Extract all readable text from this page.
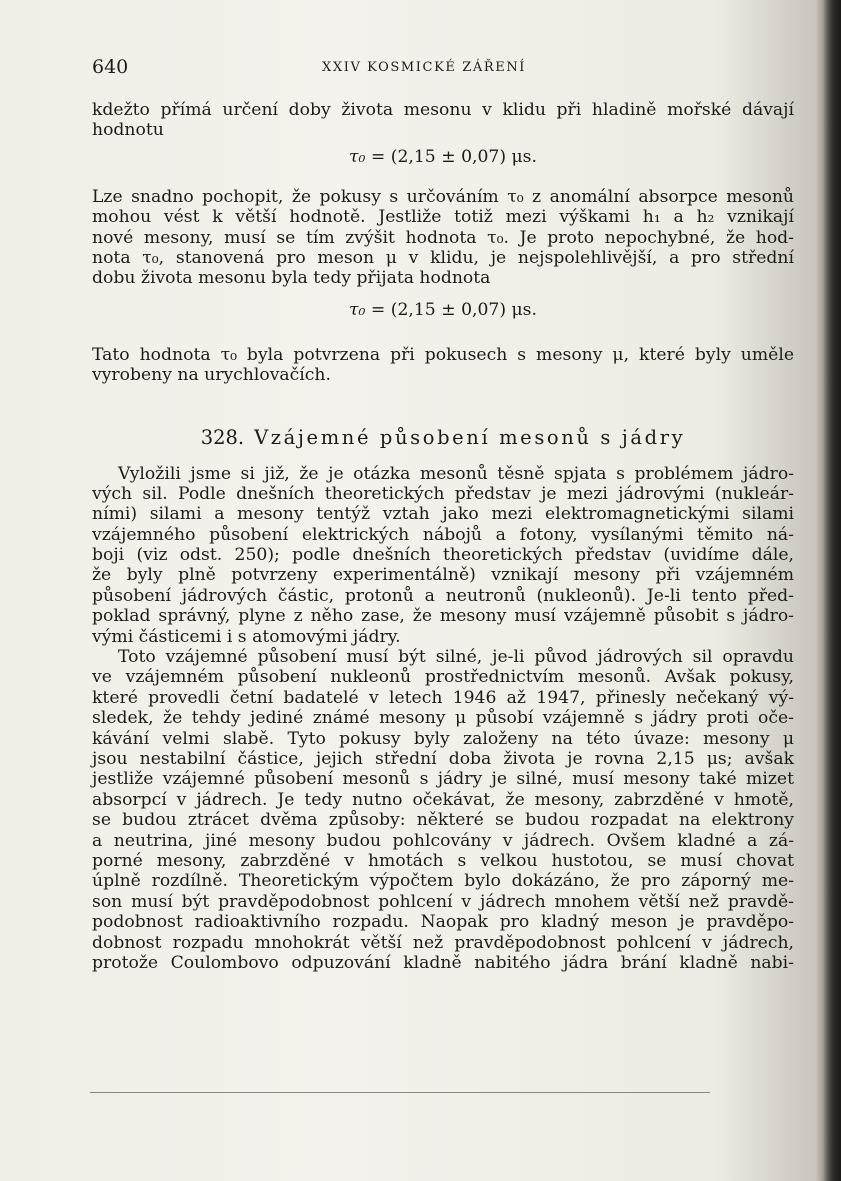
640	XXIV KOSMICKÉ ZÁŘENÍ
kdežto přímá určení doby života mesonu v klidu při hladině mořské dávají
hodnotu
τ₀ = (2,15 ± 0,07) μs.
Lze snadno pochopit, že pokusy s určováním τ₀ z anomální absorpce mesonů
mohou vést k větší hodnotě. Jestliže totiž mezi výškami h₁ a h₂ vznikají
nové mesony, musí se tím zvýšit hodnota τ₀. Je proto nepochybné, že hod-
nota τ₀, stanovená pro meson μ v klidu, je nejspolehlivější, a pro střední
dobu života mesonu byla tedy přijata hodnota
τ₀ = (2,15 ± 0,07) μs.
Tato hodnota τ₀ byla potvrzena při pokusech s mesony μ, které byly uměle
vyrobeny na urychlovačích.
328. Vzájemné působení mesonů s jádry
Vyložili jsme si již, že je otázka mesonů těsně spjata s problémem jádro-
vých sil. Podle dnešních theoretických představ je mezi jádrovými (nukleár-
ními) silami a mesony tentýž vztah jako mezi elektromagnetickými silami
vzájemného působení elektrických nábojů a fotony, vysílanými těmito ná-
boji (viz odst. 250); podle dnešních theoretických představ (uvidíme dále,
že byly plně potvrzeny experimentálně) vznikají mesony při vzájemném
působení jádrových částic, protonů a neutronů (nukleonů). Je-li tento před-
poklad správný, plyne z něho zase, že mesony musí vzájemně působit s jádro-
vými částicemi i s atomovými jádry.
Toto vzájemné působení musí být silné, je-li původ jádrových sil opravdu
ve vzájemném působení nukleonů prostřednictvím mesonů. Avšak pokusy,
které provedli četní badatelé v letech 1946 až 1947, přinesly nečekaný vý-
sledek, že tehdy jediné známé mesony μ působí vzájemně s jádry proti oče-
kávání velmi slabě. Tyto pokusy byly založeny na této úvaze: mesony μ
jsou nestabilní částice, jejich střední doba života je rovna 2,15 μs; avšak
jestliže vzájemné působení mesonů s jádry je silné, musí mesony také mizet
absorpcí v jádrech. Je tedy nutno očekávat, že mesony, zabrzděné v hmotě,
se budou ztrácet dvěma způsoby: některé se budou rozpadat na elektrony
a neutrina, jiné mesony budou pohlcovány v jádrech. Ovšem kladné a zá-
porné mesony, zabrzděné v hmotách s velkou hustotou, se musí chovat
úplně rozdílně. Theoretickým výpočtem bylo dokázáno, že pro záporný me-
son musí být pravděpodobnost pohlcení v jádrech mnohem větší než pravdě-
podobnost radioaktivního rozpadu. Naopak pro kladný meson je pravděpo-
dobnost rozpadu mnohokrát větší než pravděpodobnost pohlcení v jádrech,
protože Coulombovo odpuzování kladně nabitého jádra brání kladně nabi-
